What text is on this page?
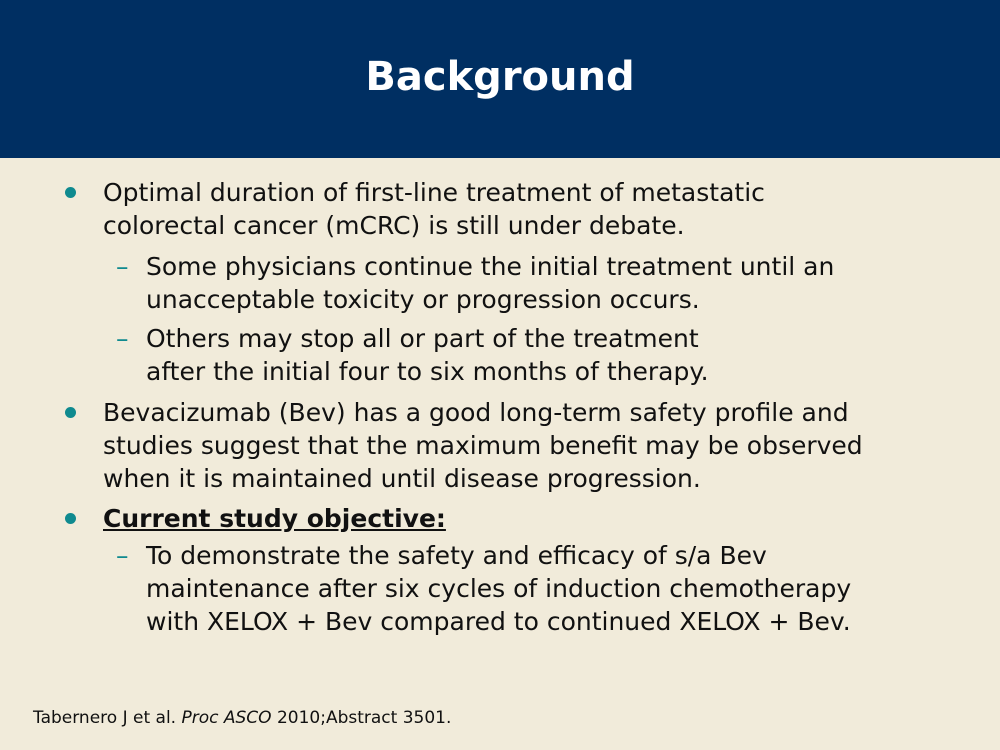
Background
Optimal duration of first-line treatment of metastatic
colorectal cancer (mCRC) is still under debate.
– Some physicians continue the initial treatment until an
unacceptable toxicity or progression occurs.
– Others may stop all or part of the treatment
after the initial four to six months of therapy.
Bevacizumab (Bev) has a good long-term safety profile and
studies suggest that the maximum benefit may be observed
when it is maintained until disease progression.
Current study objective:
– To demonstrate the safety and efficacy of s/a Bev
maintenance after six cycles of induction chemotherapy
with XELOX + Bev compared to continued XELOX + Bev.
Tabernero J et al. Proc ASCO 2010;Abstract 3501.
